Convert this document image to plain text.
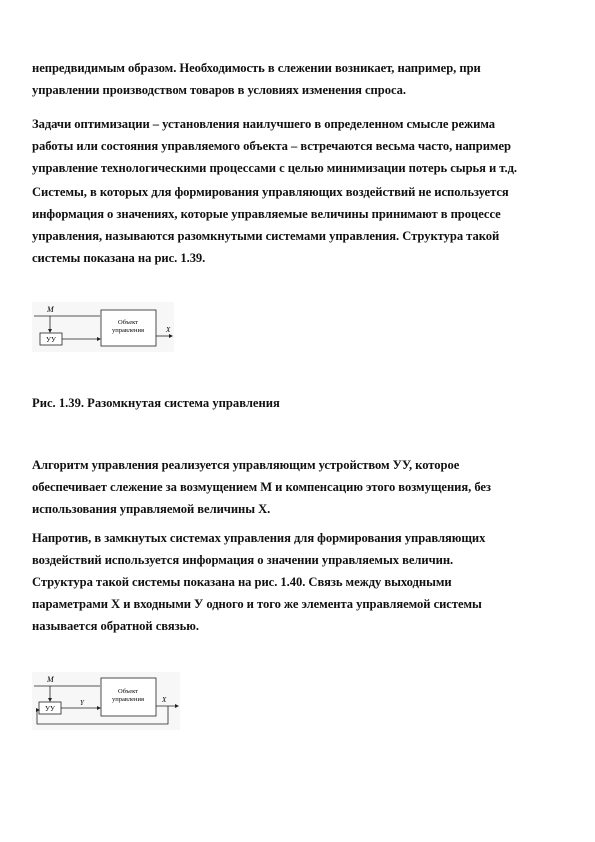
непредвидимым образом. Необходимость в слежении возникает, например, при
управлении производством товаров в условиях изменения спроса.

Задачи оптимизации – установления наилучшего в определенном смысле режима
работы или состояния управляемого объекта – встречаются весьма часто, например
управление технологическими процессами с целью минимизации потерь сырья и т.д.

Системы, в которых для формирования управляющих воздействий не используется
информация о значениях, которые управляемые величины принимают в процессе
управления, называются разомкнутыми системами управления. Структура такой
системы показана на рис. 1.39.

M
УУ
Объект
управления	X
Рис. 1.39. Разомкнутая система управления

Алгоритм управления реализуется управляющим устройством УУ, которое
обеспечивает слежение за возмущением М и компенсацию этого возмущения, без
использования управляемой величины Х.

Напротив, в замкнутых системах управления для формирования управляющих
воздействий используется информация о значении управляемых величин.
Структура такой системы показана на рис. 1.40. Связь между выходными
параметрами Х и входными У одного и того же элемента управляемой системы
называется обратной связью.

M
УУ
Y
Объект
управления	X
